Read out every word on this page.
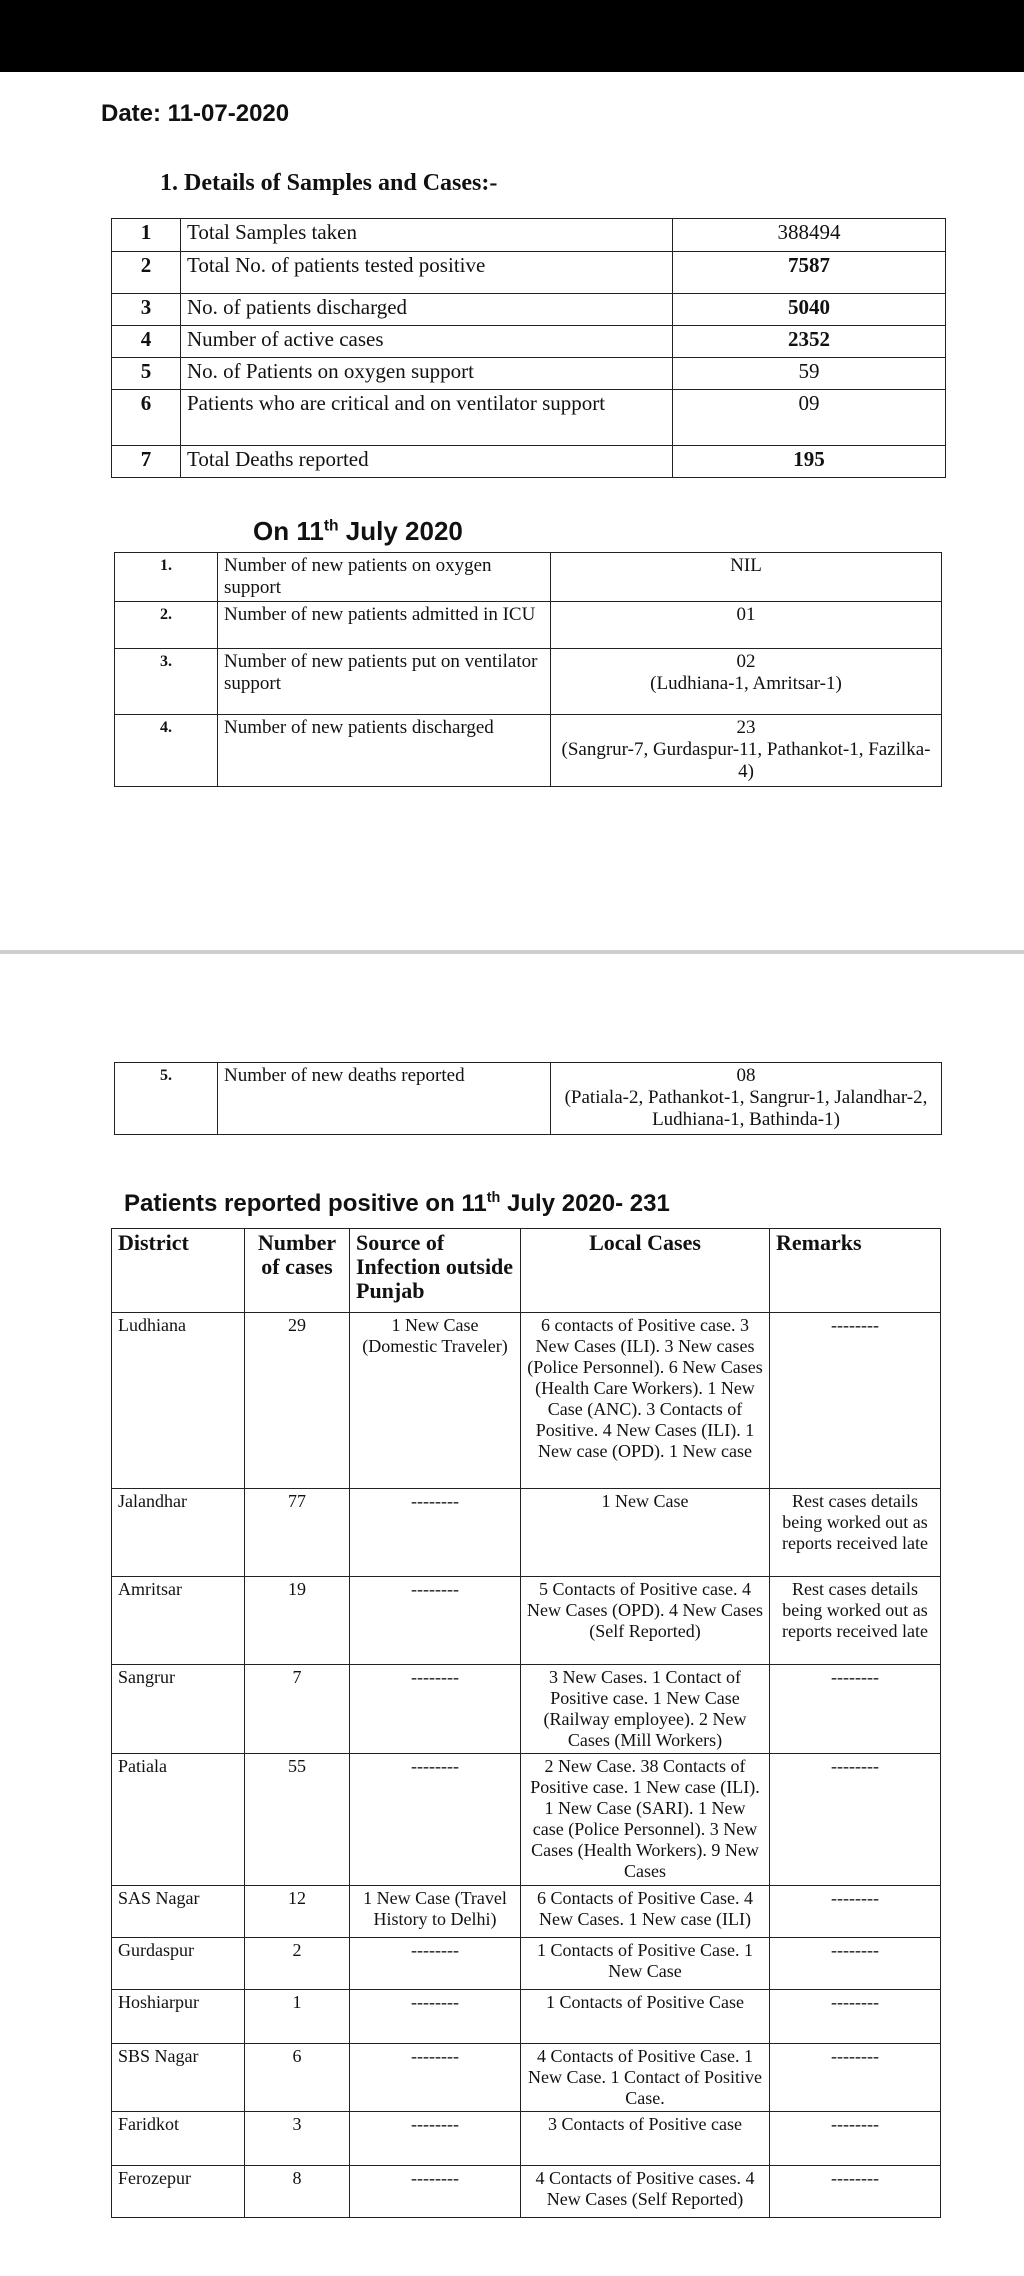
Date: 11-07-2020
1. Details of Samples and Cases:-
1	Total Samples taken	388494
2	Total No. of patients tested positive	7587
3	No. of patients discharged	5040
4	Number of active cases	2352
5	No. of Patients on oxygen support	59
6	Patients who are critical and on ventilator support	09
7	Total Deaths reported	195
On 11th July 2020
1.	Number of new patients on oxygen support	NIL
2.	Number of new patients admitted in ICU	01
3.	Number of new patients put on ventilator support	02
(Ludhiana-1, Amritsar-1)
4.	Number of new patients discharged	23
(Sangrur-7, Gurdaspur-11, Pathankot-1, Fazilka-4)
5.	Number of new deaths reported	08
(Patiala-2, Pathankot-1, Sangrur-1, Jalandhar-2, Ludhiana-1, Bathinda-1)
Patients reported positive on 11th July 2020- 231
District	Number of cases	Source of Infection outside Punjab	Local Cases	Remarks
Ludhiana	29	1 New Case (Domestic Traveler)	6 contacts of Positive case. 3 New Cases (ILI). 3 New cases (Police Personnel). 6 New Cases (Health Care Workers). 1 New Case (ANC). 3 Contacts of Positive. 4 New Cases (ILI). 1 New case (OPD). 1 New case	--------
Jalandhar	77	--------	1 New Case	Rest cases details being worked out as reports received late
Amritsar	19	--------	5 Contacts of Positive case. 4 New Cases (OPD). 4 New Cases (Self Reported)	Rest cases details being worked out as reports received late
Sangrur	7	--------	3 New Cases. 1 Contact of Positive case. 1 New Case (Railway employee). 2 New Cases (Mill Workers)	--------
Patiala	55	--------	2 New Case. 38 Contacts of Positive case. 1 New case (ILI). 1 New Case (SARI). 1 New case (Police Personnel). 3 New Cases (Health Workers). 9 New Cases	--------
SAS Nagar	12	1 New Case (Travel History to Delhi)	6 Contacts of Positive Case. 4 New Cases. 1 New case (ILI)	--------
Gurdaspur	2	--------	1 Contacts of Positive Case. 1 New Case	--------
Hoshiarpur	1	--------	1 Contacts of Positive Case	--------
SBS Nagar	6	--------	4 Contacts of Positive Case. 1 New Case. 1 Contact of Positive Case.	--------
Faridkot	3	--------	3 Contacts of Positive case	--------
Ferozepur	8	--------	4 Contacts of Positive cases. 4 New Cases (Self Reported)	--------
